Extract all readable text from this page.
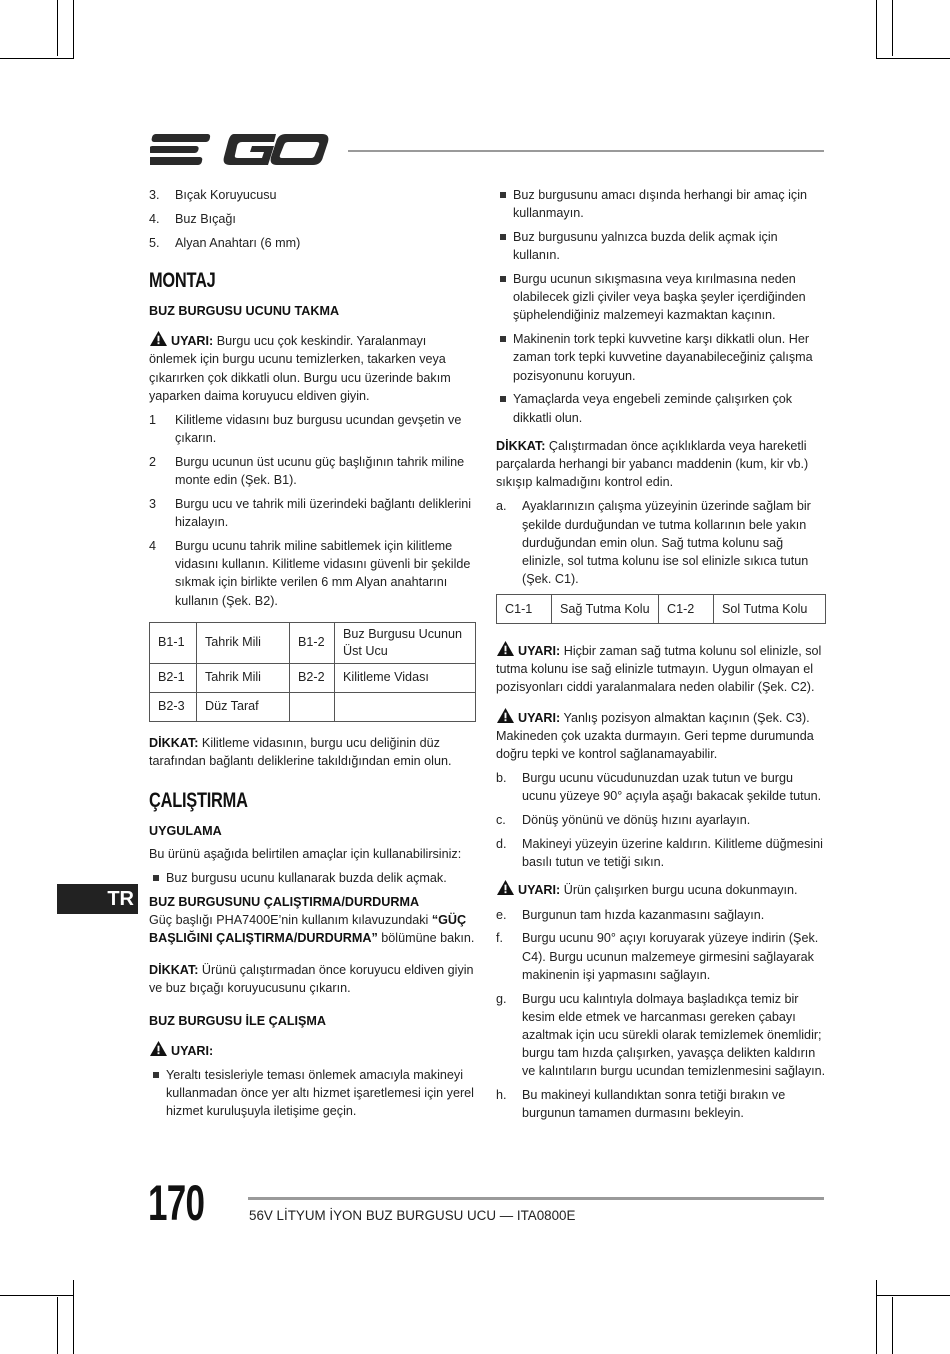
3.	Bıçak Koruyucusu
4.	Buz Bıçağı
5.	Alyan Anahtarı (6 mm)
MONTAJ
BUZ BURGUSU UCUNU TAKMA

UYARI: Burgu ucu çok keskindir. Yaralanmayı önlemek için burgu ucunu temizlerken, takarken veya çıkarırken çok dikkatli olun. Burgu ucu üzerinde bakım yaparken daima koruyucu eldiven giyin.

1	Kilitleme vidasını buz burgusu ucundan gevşetin ve çıkarın.
2	Burgu ucunun üst ucunu güç başlığının tahrik miline monte edin (Şek. B1).
3	Burgu ucu ve tahrik mili üzerindeki bağlantı deliklerini hizalayın.
4	Burgu ucunu tahrik miline sabitlemek için kilitleme vidasını kullanın. Kilitleme vidasını güvenli bir şekilde sıkmak için birlikte verilen 6 mm Alyan anahtarını kullanın (Şek. B2).
B1-1	Tahrik Mili	B1-2	Buz Burgusu Ucunun Üst Ucu
B2-1	Tahrik Mili	B2-2	Kilitleme Vidası
B2-3	Düz Taraf		

DİKKAT: Kilitleme vidasının, burgu ucu deliğinin düz tarafından bağlantı deliklerine takıldığından emin olun.

ÇALIŞTIRMA
UYGULAMA

Bu ürünü aşağıda belirtilen amaçlar için kullanabilirsiniz:

Buz burgusu ucunu kullanarak buzda delik açmak.
BUZ BURGUSUNU ÇALIŞTIRMA/DURDURMA

Güç başlığı PHA7400E’nin kullanım kılavuzundaki “GÜÇ BAŞLIĞINI ÇALIŞTIRMA/DURDURMA” bölümüne bakın.

DİKKAT: Ürünü çalıştırmadan önce koruyucu eldiven giyin ve buz bıçağı koruyucusunu çıkarın.

BUZ BURGUSU İLE ÇALIŞMA

UYARI:

Yeraltı tesisleriyle teması önlemek amacıyla makineyi kullanmadan önce yer altı hizmet işaretlemesi için yerel hizmet kuruluşuyla iletişime geçin.
Buz burgusunu amacı dışında herhangi bir amaç için kullanmayın.
Buz burgusunu yalnızca buzda delik açmak için kullanın.
Burgu ucunun sıkışmasına veya kırılmasına neden olabilecek gizli çiviler veya başka şeyler içerdiğinden şüphelendiğiniz malzemeyi kazmaktan kaçının.
Makinenin tork tepki kuvvetine karşı dikkatli olun. Her zaman tork tepki kuvvetine dayanabileceğiniz çalışma pozisyonunu koruyun.
Yamaçlarda veya engebeli zeminde çalışırken çok dikkatli olun.

DİKKAT: Çalıştırmadan önce açıklıklarda veya hareketli parçalarda herhangi bir yabancı maddenin (kum, kir vb.) sıkışıp kalmadığını kontrol edin.

a.	Ayaklarınızın çalışma yüzeyinin üzerinde sağlam bir şekilde durduğundan ve tutma kollarının bele yakın durduğundan emin olun. Sağ tutma kolunu sağ elinizle, sol tutma kolunu ise sol elinizle sıkıca tutun (Şek. C1).
C1-1	Sağ Tutma Kolu	C1-2	Sol Tutma Kolu

UYARI: Hiçbir zaman sağ tutma kolunu sol elinizle, sol tutma kolunu ise sağ elinizle tutmayın. Uygun olmayan el pozisyonları ciddi yaralanmalara neden olabilir (Şek. C2).

UYARI: Yanlış pozisyon almaktan kaçının (Şek. C3). Makineden çok uzakta durmayın. Geri tepme durumunda doğru tepki ve kontrol sağlanamayabilir.

b.	Burgu ucunu vücudunuzdan uzak tutun ve burgu ucunu yüzeye 90° açıyla aşağı bakacak şekilde tutun.
c.	Dönüş yönünü ve dönüş hızını ayarlayın.
d.	Makineyi yüzeyin üzerine kaldırın. Kilitleme düğmesini basılı tutun ve tetiği sıkın.

UYARI: Ürün çalışırken burgu ucuna dokunmayın.

e.	Burgunun tam hızda kazanmasını sağlayın.
f.	Burgu ucunu 90° açıyı koruyarak yüzeye indirin (Şek. C4). Burgu ucunun malzemeye girmesini sağlayarak makinenin işi yapmasını sağlayın.
g.	Burgu ucu kalıntıyla dolmaya başladıkça temiz bir kesim elde etmek ve harcanması gereken çabayı azaltmak için ucu sürekli olarak temizlemek önemlidir; burgu tam hızda çalışırken, yavaşça delikten kaldırın ve kalıntıların burgu ucundan temizlenmesini sağlayın.
h.	Bu makineyi kullandıktan sonra tetiği bırakın ve burgunun tamamen durmasını bekleyin.
TR
170	56V LİTYUM İYON BUZ BURGUSU UCU — ITA0800E
